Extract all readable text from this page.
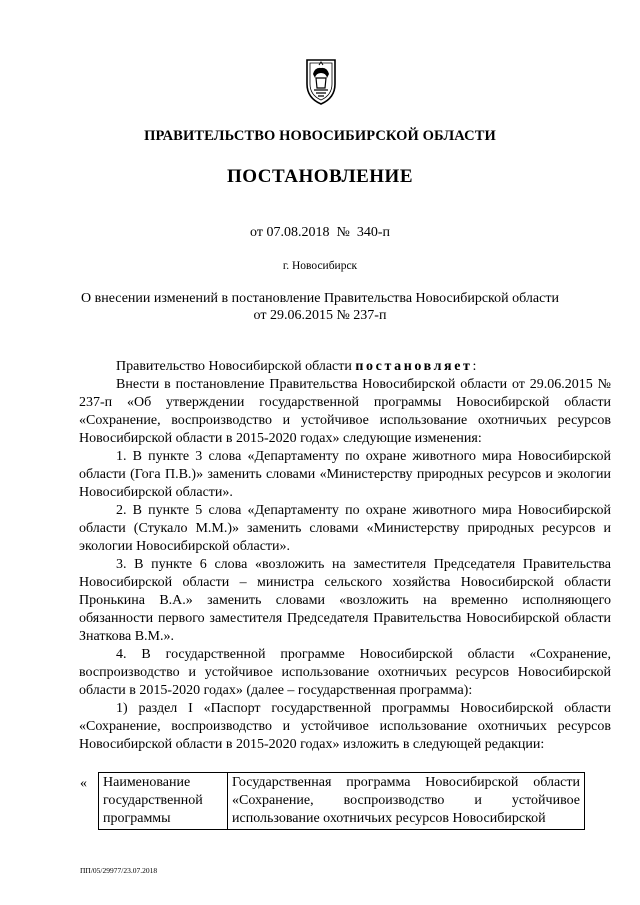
ПРАВИТЕЛЬСТВО НОВОСИБИРСКОЙ ОБЛАСТИ
ПОСТАНОВЛЕНИЕ
от 07.08.2018 № 340-п
г. Новосибирск
О внесении изменений в постановление Правительства Новосибирской области
от 29.06.2015 № 237-п

Правительство Новосибирской области постановляет:

Внести в постановление Правительства Новосибирской области от 29.06.2015 № 237-п «Об утверждении государственной программы Новосибирской области «Сохранение, воспроизводство и устойчивое использование охотничьих ресурсов Новосибирской области в 2015-2020 годах» следующие изменения:

1. В пункте 3 слова «Департаменту по охране животного мира Новосибирской области (Гога П.В.)» заменить словами «Министерству природных ресурсов и экологии Новосибирской области».

2. В пункте 5 слова «Департаменту по охране животного мира Новосибирской области (Стукало М.М.)» заменить словами «Министерству природных ресурсов и экологии Новосибирской области».

3. В пункте 6 слова «возложить на заместителя Председателя Правительства Новосибирской области – министра сельского хозяйства Новосибирской области Пронькина В.А.» заменить словами «возложить на временно исполняющего обязанности первого заместителя Председателя Правительства Новосибирской области Знаткова В.М.».

4. В государственной программе Новосибирской области «Сохранение, воспроизводство и устойчивое использование охотничьих ресурсов Новосибирской области в 2015-2020 годах» (далее – государственная программа):

1) раздел I «Паспорт государственной программы Новосибирской области «Сохранение, воспроизводство и устойчивое использование охотничьих ресурсов Новосибирской области в 2015-2020 годах» изложить в следующей редакции:

« Наименование государственной программы	Государственная программа Новосибирской области «Сохранение, воспроизводство и устойчивое использование охотничьих ресурсов Новосибирской
ПП/05/29977/23.07.2018
